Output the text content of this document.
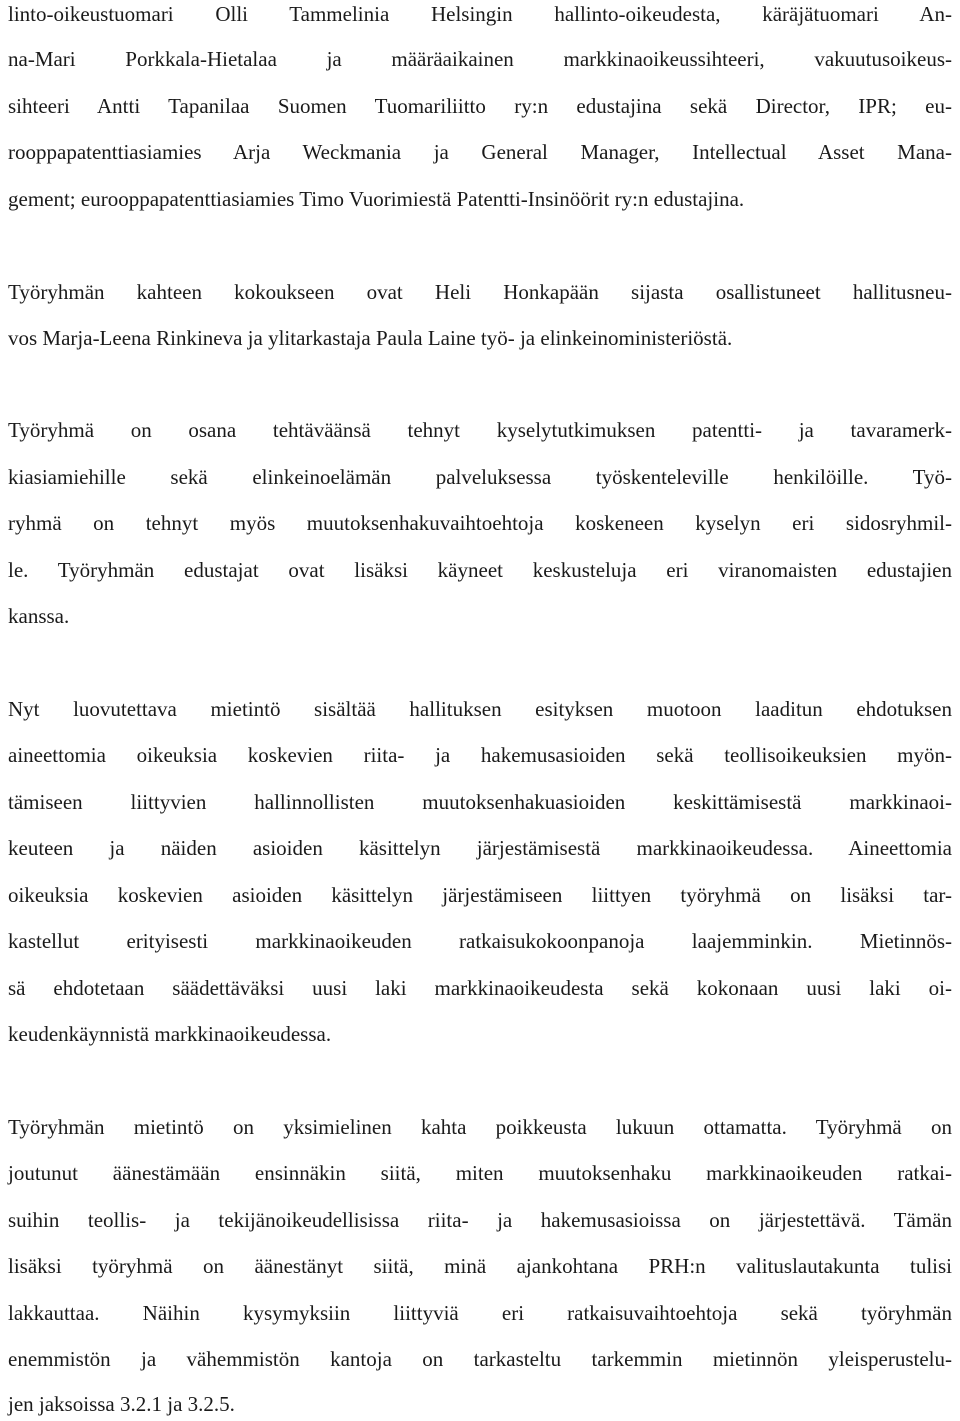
linto-oikeustuomari Olli Tammelinia Helsingin hallinto-oikeudesta, käräjätuomari An-
na-Mari Porkkala-Hietalaa ja määräaikainen markkinaoikeussihteeri, vakuutusoikeus-
sihteeri Antti Tapanilaa Suomen Tuomariliitto ry:n edustajina sekä Director, IPR; eu-
rooppapatenttiasiamies Arja Weckmania ja General Manager, Intellectual Asset Mana-
gement; eurooppapatenttiasiamies Timo Vuorimiestä Patentti-Insinöörit ry:n edustajina.
Työryhmän kahteen kokoukseen ovat Heli Honkapään sijasta osallistuneet hallitusneu-
vos Marja-Leena Rinkineva ja ylitarkastaja Paula Laine työ- ja elinkeinoministeriöstä.
Työryhmä on osana tehtäväänsä tehnyt kyselytutkimuksen patentti- ja tavaramerk-
kiasiamiehille sekä elinkeinoelämän palveluksessa työskenteleville henkilöille. Työ-
ryhmä on tehnyt myös muutoksenhakuvaihtoehtoja koskeneen kyselyn eri sidosryhmil-
le. Työryhmän edustajat ovat lisäksi käyneet keskusteluja eri viranomaisten edustajien
kanssa.
Nyt luovutettava mietintö sisältää hallituksen esityksen muotoon laaditun ehdotuksen
aineettomia oikeuksia koskevien riita- ja hakemusasioiden sekä teollisoikeuksien myön-
tämiseen liittyvien hallinnollisten muutoksenhakuasioiden keskittämisestä markkinaoi-
keuteen ja näiden asioiden käsittelyn järjestämisestä markkinaoikeudessa. Aineettomia
oikeuksia koskevien asioiden käsittelyn järjestämiseen liittyen työryhmä on lisäksi tar-
kastellut erityisesti markkinaoikeuden ratkaisukokoonpanoja laajemminkin. Mietinnös-
sä ehdotetaan säädettäväksi uusi laki markkinaoikeudesta sekä kokonaan uusi laki oi-
keudenkäynnistä markkinaoikeudessa.
Työryhmän mietintö on yksimielinen kahta poikkeusta lukuun ottamatta. Työryhmä on
joutunut äänestämään ensinnäkin siitä, miten muutoksenhaku markkinaoikeuden ratkai-
suihin teollis- ja tekijänoikeudellisissa riita- ja hakemusasioissa on järjestettävä. Tämän
lisäksi työryhmä on äänestänyt siitä, minä ajankohtana PRH:n valituslautakunta tulisi
lakkauttaa. Näihin kysymyksiin liittyviä eri ratkaisuvaihtoehtoja sekä työryhmän
enemmistön ja vähemmistön kantoja on tarkasteltu tarkemmin mietinnön yleisperustelu-
jen jaksoissa 3.2.1 ja 3.2.5.
